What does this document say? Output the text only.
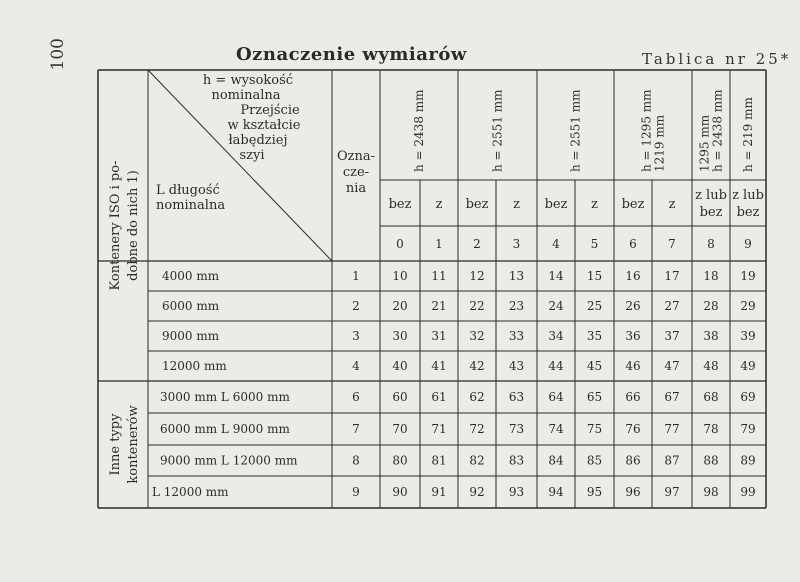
100	Oznaczenie wymiarów	Tablica nr 25*
h = wysokość
nominalna
Przejście
w kształcie
łabędziej
szyi
L długość
nominalna
Ozna-
cze-
nia
h = 2438 mm	h = 2551 mm	h = 2551 mm	h = 1295 mm 1219 mm	1295 mm h = 2438 mm h = 219 mm
bez z bez z bez z bez z
z lub
bez
z lub
bez
0	1	2	3	4	5	6	7	8 9
Kontenery ISO i po- dobne do nich 1)
Inne typy kontenerów
4000 mm	1	10 11 12 13 14 15 16 17 18 19
6000 mm	2	20 21 22 23 24 25 26 27 28 29
9000 mm	3	30 31 32 33 34 35 36 37 38 39
12000 mm	4	40 41 42 43 44 45 46 47 48 49
3000 mm L 6000 mm	6	60 61 62 63 64 65 66 67 68 69
6000 mm L 9000 mm	7	70 71 72 73 74 75 76 77 78 79
9000 mm L 12000 mm	8	80 81 82 83 84 85 86 87 88 89
L 12000 mm	9	90 91 92 93 94 95 96 97 98 99
